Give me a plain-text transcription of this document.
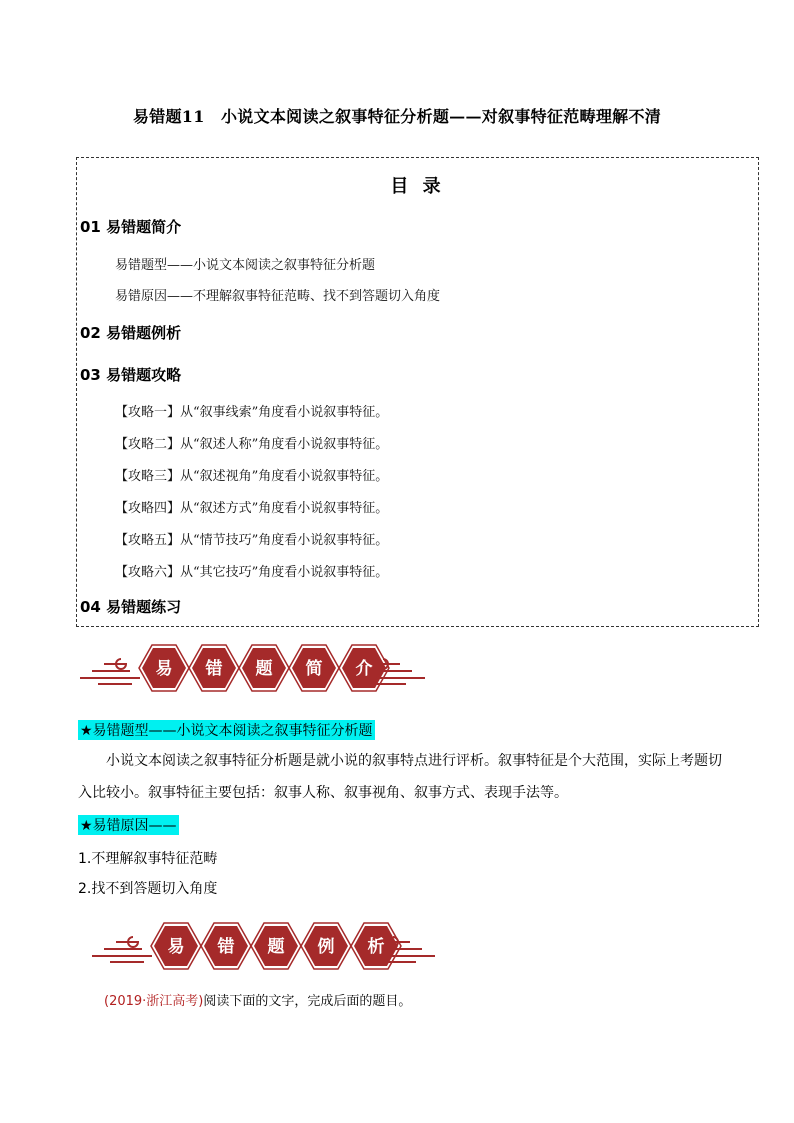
易错题11　小说文本阅读之叙事特征分析题——对叙事特征范畴理解不清
目 录
01 易错题简介
易错题型——小说文本阅读之叙事特征分析题
易错原因——不理解叙事特征范畴、找不到答题切入角度
02 易错题例析
03 易错题攻略
【攻略一】从“叙事线索”角度看小说叙事特征。
【攻略二】从“叙述人称”角度看小说叙事特征。
【攻略三】从“叙述视角”角度看小说叙事特征。
【攻略四】从“叙述方式”角度看小说叙事特征。
【攻略五】从“情节技巧”角度看小说叙事特征。
【攻略六】从“其它技巧”角度看小说叙事特征。
04 易错题练习
易 错 题 简 介
★易错题型——小说文本阅读之叙事特征分析题
　　小说文本阅读之叙事特征分析题是就小说的叙事特点进行评析。叙事特征是个大范围，实际上考题切
入比较小。叙事特征主要包括：叙事人称、叙事视角、叙事方式、表现手法等。
★易错原因——
1.不理解叙事特征范畴
2.找不到答题切入角度
易 错 题 例 析
(2019·浙江高考)阅读下面的文字，完成后面的题目。
